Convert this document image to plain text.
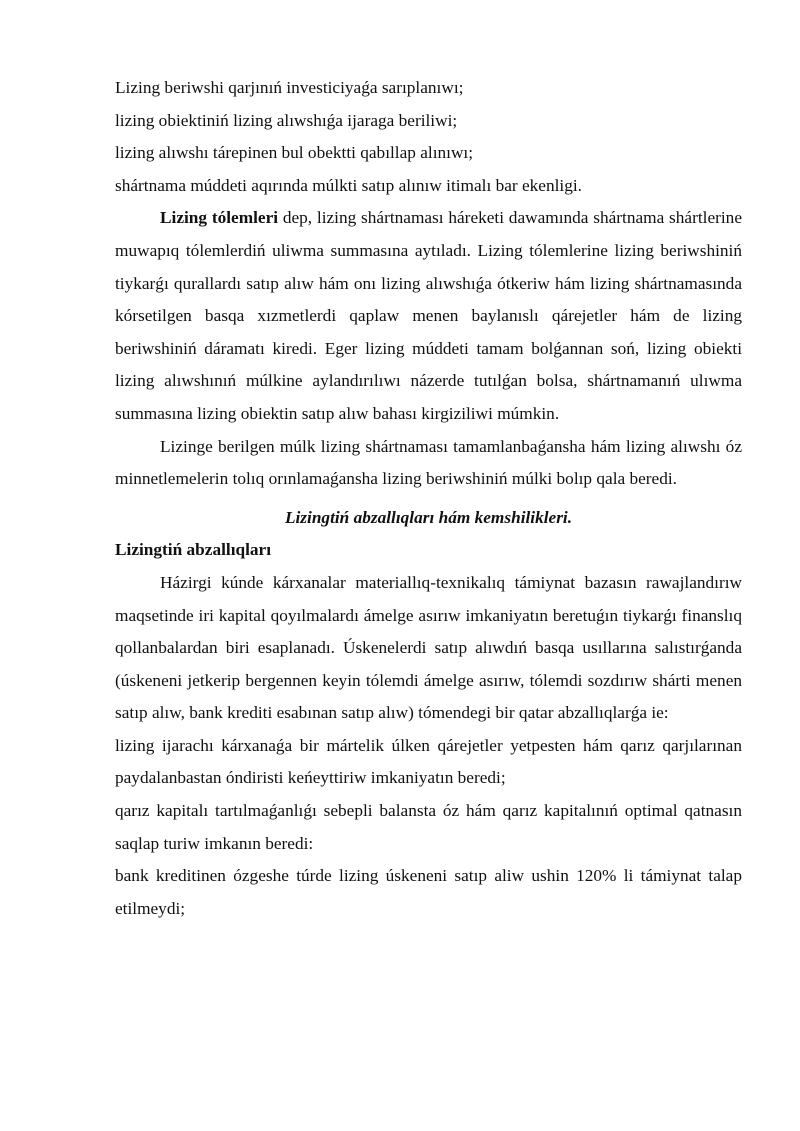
Lizing beriwshi qarjınıń investiciyaǵa sarıplanıwı;

lizing obiektiniń lizing alıwshıǵa ijaraga beriliwi;

lizing alıwshı tárepinen bul obektti qabıllap alınıwı;

shártnama múddeti aqırında múlkti satıp alınıw itimalı bar ekenligi.

Lizing tólemleri dep, lizing shártnaması háreketi dawamında shártnama shártlerine muwapıq tólemlerdiń uliwma summasına aytıladı. Lizing tólemlerine lizing beriwshiniń tiykarǵı qurallardı satıp alıw hám onı lizing alıwshıǵa ótkeriw hám lizing shártnamasında kórsetilgen basqa xızmetlerdi qaplaw menen baylanıslı qárejetler hám de lizing beriwshiniń dáramatı kiredi. Eger lizing múddeti tamam bolǵannan soń, lizing obiekti lizing alıwshınıń múlkine aylandırılıwı názerde tutılǵan bolsa, shártnamanıń ulıwma summasına lizing obiektin satıp alıw bahası kirgiziliwi múmkin.

Lizinge berilgen múlk lizing shártnaması tamamlanbaǵansha hám lizing alıwshı óz minnetlemelerin tolıq orınlamaǵansha lizing beriwshiniń múlki bolıp qala beredi.

Lizingtiń abzallıqları hám kemshilikleri.

Lizingtiń abzallıqları

Házirgi kúnde kárxanalar materiallıq-texnikalıq támiynat bazasın rawajlandırıw maqsetinde iri kapital qoyılmalardı ámelge asırıw imkaniyatın beretuǵın tiykarǵı finanslıq qollanbalardan biri esaplanadı. Úskenelerdi satıp alıwdıń basqa usıllarına salıstırǵanda (úskeneni jetkerip bergennen keyin tólemdi ámelge asırıw, tólemdi sozdırıw shárti menen satıp alıw, bank krediti esabınan satıp alıw) tómendegi bir qatar abzallıqlarǵa ie:

lizing ijarachı kárxanaǵa bir mártelik úlken qárejetler yetpesten hám qarız qarjılarınan paydalanbastan óndiristi keńeyttiriw imkaniyatın beredi;

qarız kapitalı tartılmaǵanlıǵı sebepli balansta óz hám qarız kapitalınıń optimal qatnasın saqlap turiw imkanın beredi:

bank kreditinen ózgeshe túrde lizing úskeneni satıp aliw ushin 120% li támiynat talap etilmeydi;
